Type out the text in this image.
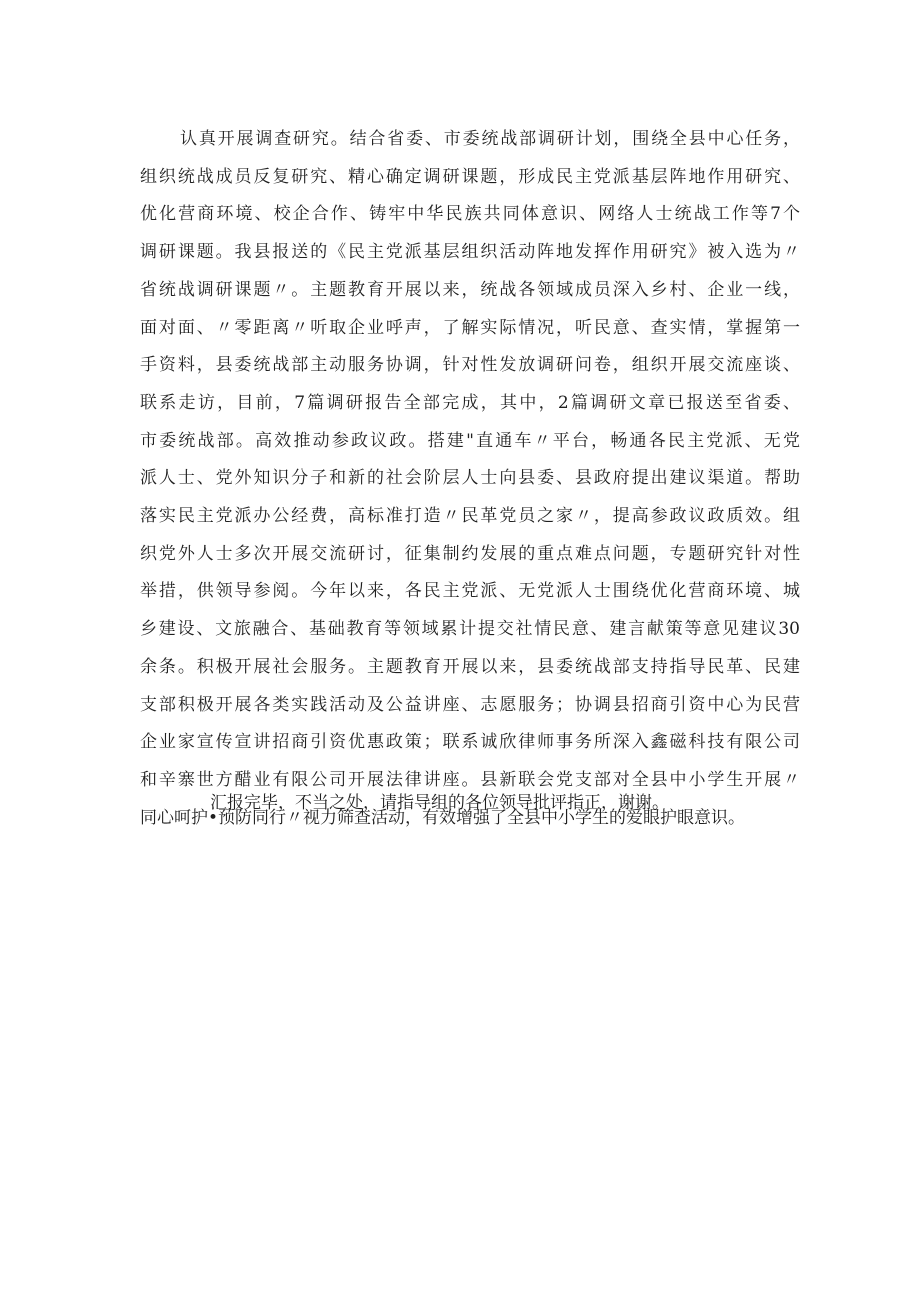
认真开展调查研究。结合省委、市委统战部调研计划，围绕全县中心任务，
组织统战成员反复研究、精心确定调研课题，形成民主党派基层阵地作用研究、
优化营商环境、校企合作、铸牢中华民族共同体意识、网络人士统战工作等7个
调研课题。我县报送的《民主党派基层组织活动阵地发挥作用研究》被入选为〃
省统战调研课题〃。主题教育开展以来，统战各领域成员深入乡村、企业一线，
面对面、〃零距离〃听取企业呼声，了解实际情况，听民意、查实情，掌握第一
手资料，县委统战部主动服务协调，针对性发放调研问卷，组织开展交流座谈、
联系走访，目前，7篇调研报告全部完成，其中，2篇调研文章已报送至省委、
市委统战部。高效推动参政议政。搭建"直通车〃平台，畅通各民主党派、无党
派人士、党外知识分子和新的社会阶层人士向县委、县政府提出建议渠道。帮助
落实民主党派办公经费，高标准打造〃民革党员之家〃，提高参政议政质效。组
织党外人士多次开展交流研讨，征集制约发展的重点难点问题，专题研究针对性
举措，供领导参阅。今年以来，各民主党派、无党派人士围绕优化营商环境、城
乡建设、文旅融合、基础教育等领域累计提交社情民意、建言献策等意见建议30
余条。积极开展社会服务。主题教育开展以来，县委统战部支持指导民革、民建
支部积极开展各类实践活动及公益讲座、志愿服务；协调县招商引资中心为民营
企业家宣传宣讲招商引资优惠政策；联系诚欣律师事务所深入鑫磁科技有限公司
和辛寨世方醋业有限公司开展法律讲座。县新联会党支部对全县中小学生开展〃
同心呵护•预防同行〃视力筛查活动，有效增强了全县中小学生的爱眼护眼意识。

汇报完毕，不当之处，请指导组的各位领导批评指正，谢谢。
